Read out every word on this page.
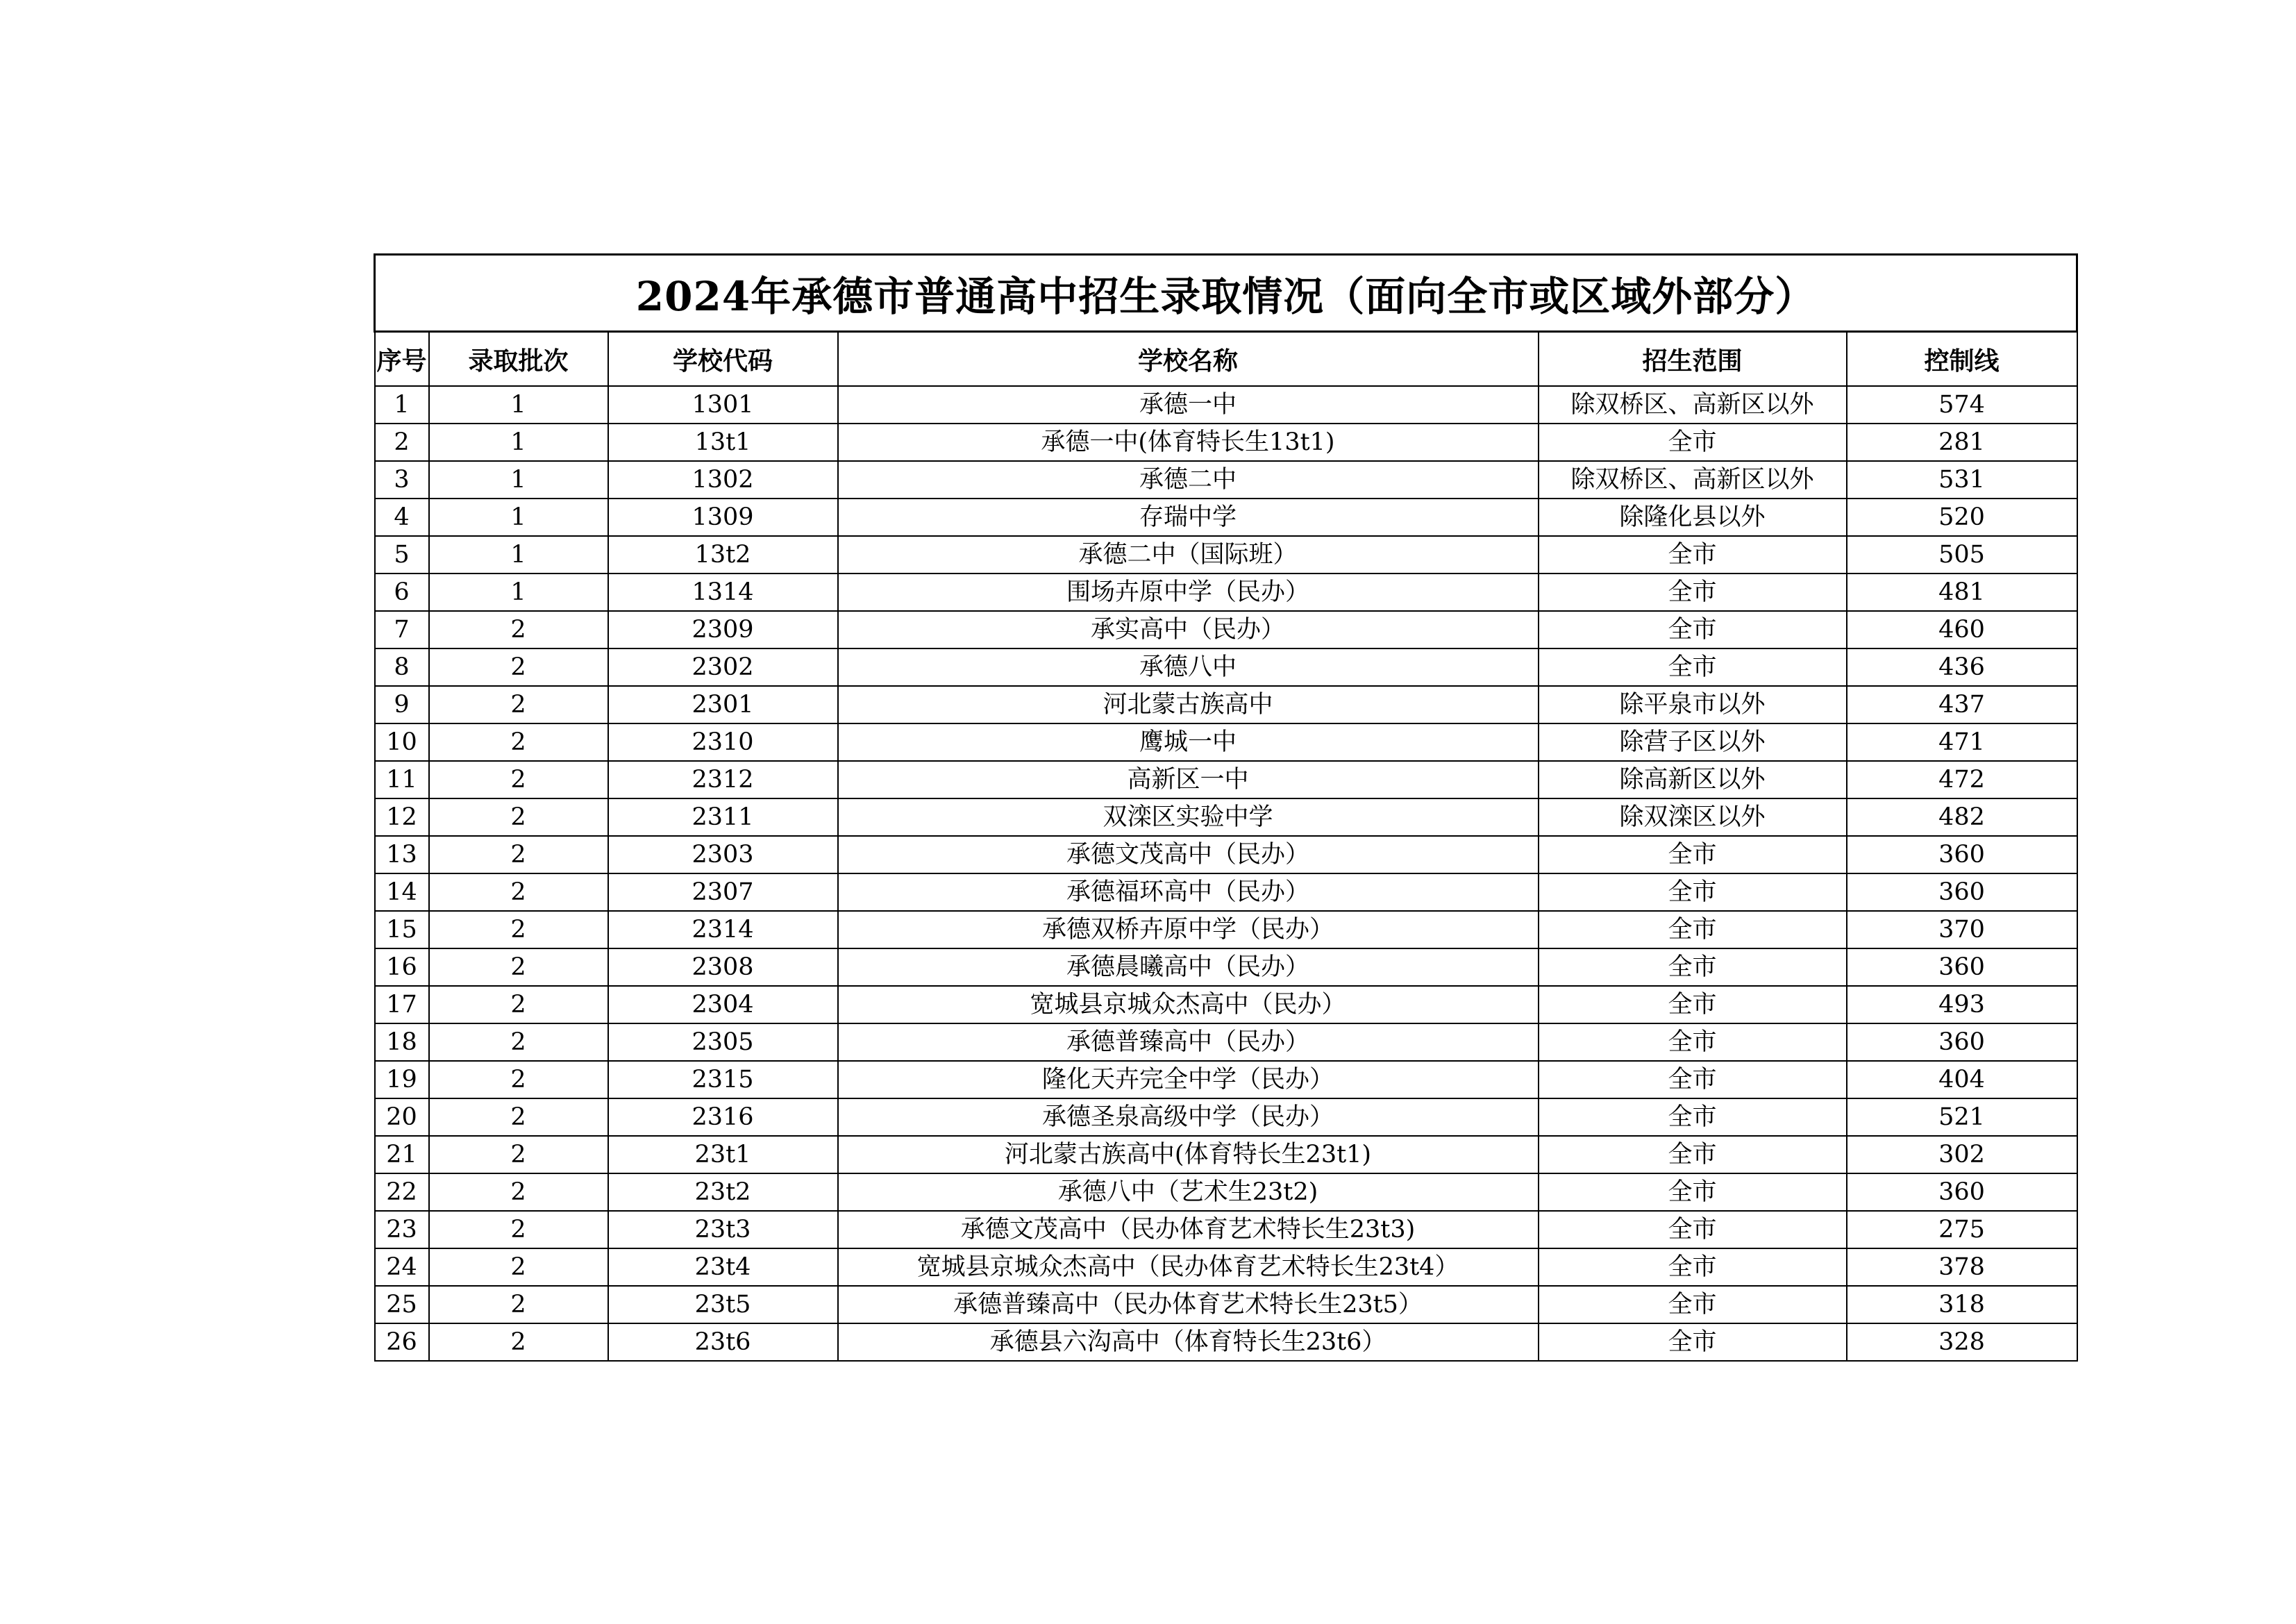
2024年承德市普通高中招生录取情况（面向全市或区域外部分）					
序号	录取批次	学校代码	学校名称	招生范围	控制线
1	1	1301	承德一中	除双桥区、高新区以外	574
2	1	13t1	承德一中(体育特长生13t1)	全市	281
3	1	1302	承德二中	除双桥区、高新区以外	531
4	1	1309	存瑞中学	除隆化县以外	520
5	1	13t2	承德二中（国际班）	全市	505
6	1	1314	围场卉原中学（民办）	全市	481
7	2	2309	承实高中（民办）	全市	460
8	2	2302	承德八中	全市	436
9	2	2301	河北蒙古族高中	除平泉市以外	437
10	2	2310	鹰城一中	除营子区以外	471
11	2	2312	高新区一中	除高新区以外	472
12	2	2311	双滦区实验中学	除双滦区以外	482
13	2	2303	承德文茂高中（民办）	全市	360
14	2	2307	承德福环高中（民办）	全市	360
15	2	2314	承德双桥卉原中学（民办）	全市	370
16	2	2308	承德晨曦高中（民办）	全市	360
17	2	2304	宽城县京城众杰高中（民办）	全市	493
18	2	2305	承德普臻高中（民办）	全市	360
19	2	2315	隆化天卉完全中学（民办）	全市	404
20	2	2316	承德圣泉高级中学（民办）	全市	521
21	2	23t1	河北蒙古族高中(体育特长生23t1)	全市	302
22	2	23t2	承德八中（艺术生23t2)	全市	360
23	2	23t3	承德文茂高中（民办体育艺术特长生23t3)	全市	275
24	2	23t4	宽城县京城众杰高中（民办体育艺术特长生23t4）	全市	378
25	2	23t5	承德普臻高中（民办体育艺术特长生23t5）	全市	318
26	2	23t6	承德县六沟高中（体育特长生23t6）	全市	328
